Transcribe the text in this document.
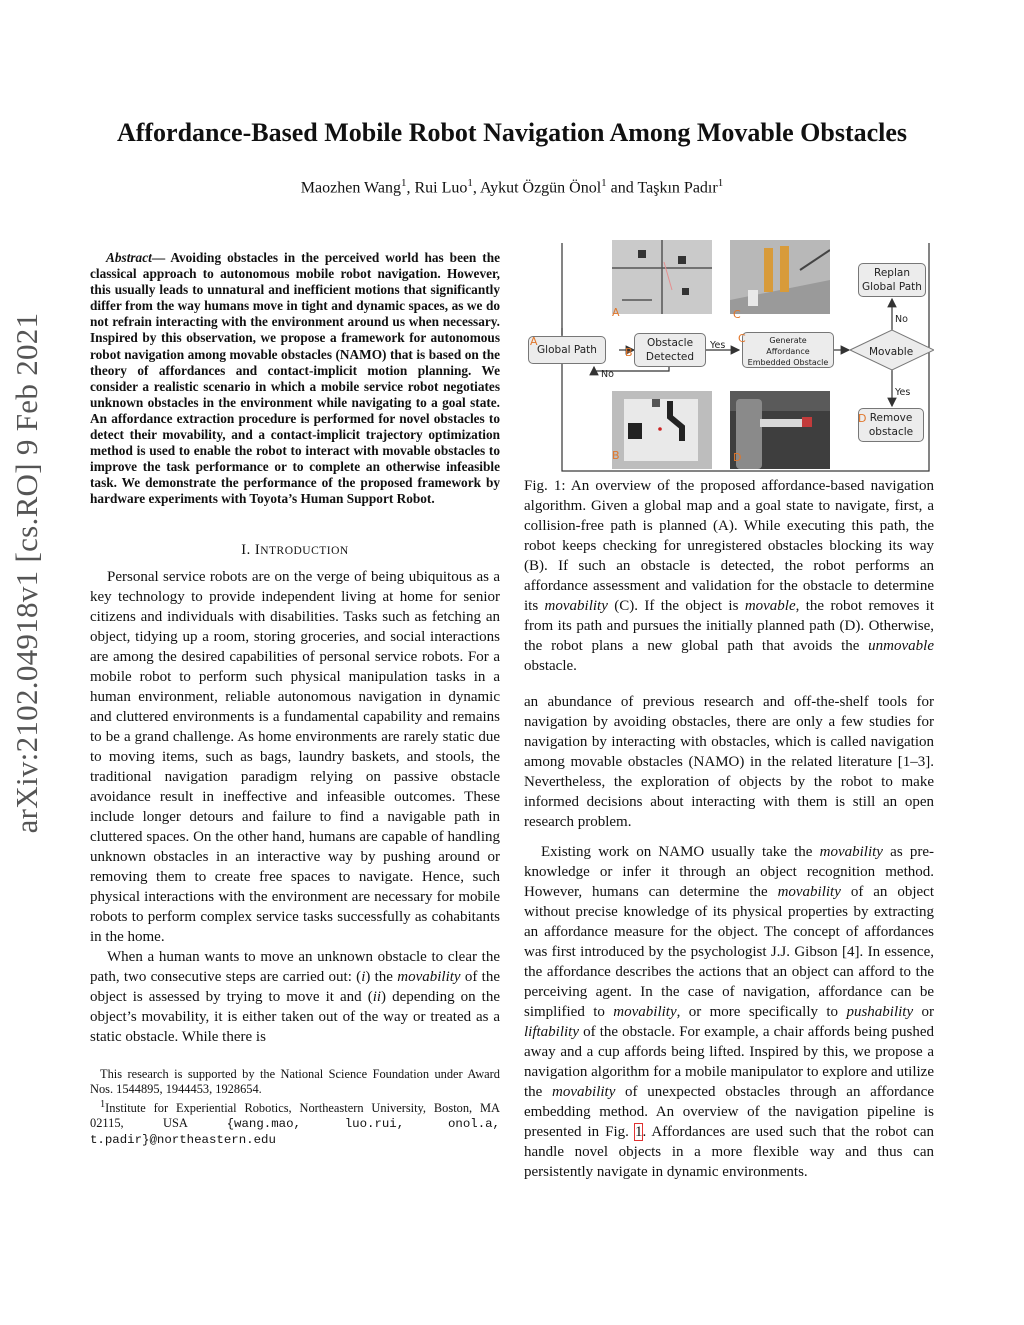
arXiv:2102.04918v1 [cs.RO] 9 Feb 2021
Affordance-Based Mobile Robot Navigation Among Movable Obstacles
Maozhen Wang$^1$, Rui Luo$^1$, Aykut Özgün Önol$^1$ and Taşkın Padır$^1$

Abstract— Avoiding obstacles in the perceived world has been the classical approach to autonomous mobile robot navigation. However, this usually leads to unnatural and inefficient motions that significantly differ from the way humans move in tight and dynamic spaces, as we do not refrain interacting with the environment around us when necessary. Inspired by this observation, we propose a framework for autonomous robot navigation among movable obstacles (NAMO) that is based on the theory of affordances and contact-implicit motion planning. We consider a realistic scenario in which a mobile service robot negotiates unknown obstacles in the environment while navigating to a goal state. An affordance extraction procedure is performed for novel obstacles to detect their movability, and a contact-implicit trajectory optimization method is used to enable the robot to interact with movable obstacles to improve the task performance or to complete an otherwise infeasible task. We demonstrate the performance of the proposed framework by hardware experiments with Toyota’s Human Support Robot.

I. INTRODUCTION

Personal service robots are on the verge of being ubiquitous as a key technology to provide independent living at home for senior citizens and individuals with disabilities. Tasks such as fetching an object, tidying up a room, storing groceries, and social interactions are among the desired capabilities of personal service robots. For a mobile robot to perform such physical manipulation tasks in a human environment, reliable autonomous navigation in dynamic and cluttered environments is a fundamental capability and remains to be a grand challenge. As home environments are rarely static due to moving items, such as bags, laundry baskets, and stools, the traditional navigation paradigm relying on passive obstacle avoidance result in ineffective and infeasible outcomes. These include longer detours and failure to find a navigable path in cluttered spaces. On the other hand, humans are capable of handling unknown obstacles in an interactive way by pushing around or removing them to create free spaces to navigate. Hence, such physical interactions with the environment are necessary for mobile robots to perform complex service tasks successfully as cohabitants in the home.

When a human wants to move an unknown obstacle to clear the path, two consecutive steps are carried out: (i) the movability of the object is assessed by trying to move it and (ii) depending on the object’s movability, it is either taken out of the way or treated as a static obstacle. While there is

This research is supported by the National Science Foundation under Award Nos. 1544895, 1944453, 1928654.

$^1$Institute for Experiential Robotics, Northeastern University, Boston, MA 02115, USA {wang.mao, luo.rui, onol.a, t.padir}@northeastern.edu

Global Path
Obstacle
Detected
Generate
Affordance
Embedded Obstacle
Movable
Replan
Global Path
Remove
obstacle
Yes
No
No
Yes
A
A
B
B
C
C
D
D
Fig. 1: An overview of the proposed affordance-based navigation algorithm. Given a global map and a goal state to navigate, first, a collision-free path is planned (A). While executing this path, the robot keeps checking for unregistered obstacles blocking its way (B). If such an obstacle is detected, the robot performs an affordance assessment and validation for the obstacle to determine its movability (C). If the object is movable, the robot removes it from its path and pursues the initially planned path (D). Otherwise, the robot plans a new global path that avoids the unmovable obstacle.

an abundance of previous research and off-the-shelf tools for navigation by avoiding obstacles, there are only a few studies for navigation by interacting with obstacles, which is called navigation among movable obstacles (NAMO) in the related literature [1–3]. Nevertheless, the exploration of objects by the robot to make informed decisions about interacting with them is still an open research problem.

Existing work on NAMO usually take the movability as pre-knowledge or infer it through an object recognition method. However, humans can determine the movability of an object without precise knowledge of its physical properties by extracting an affordance measure for the object. The concept of affordances was first introduced by the psychologist J.J. Gibson [4]. In essence, the affordance describes the actions that an object can afford to the perceiving agent. In the case of navigation, affordance can be simplified to movability, or more specifically to pushability or liftability of the obstacle. For example, a chair affords being pushed away and a cup affords being lifted. Inspired by this, we propose a navigation algorithm for a mobile manipulator to explore and utilize the movability of unexpected obstacles through an affordance embedding method. An overview of the navigation pipeline is presented in Fig. 1. Affordances are used such that the robot can handle novel objects in a more flexible way and thus can persistently navigate in dynamic environments.
